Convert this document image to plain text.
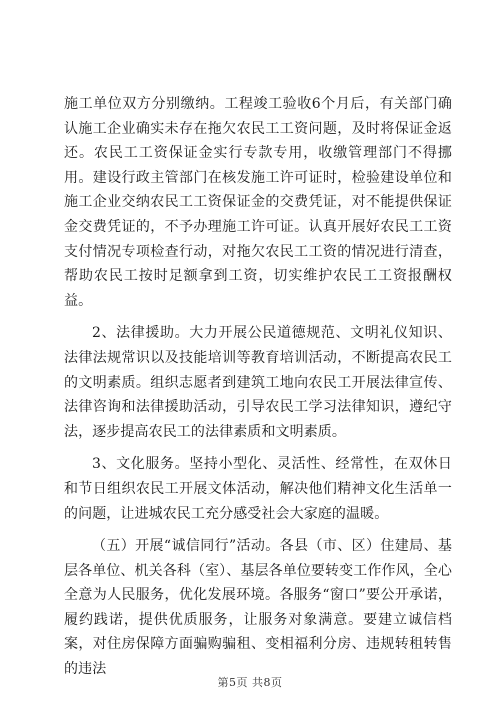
施工单位双方分别缴纳。工程竣工验收6个月后，有关部门确认施工企业确实未存在拖欠农民工工资问题，及时将保证金返还。农民工工资保证金实行专款专用，收缴管理部门不得挪用。建设行政主管部门在核发施工许可证时，检验建设单位和施工企业交纳农民工工资保证金的交费凭证，对不能提供保证金交费凭证的，不予办理施工许可证。认真开展好农民工工资支付情况专项检查行动，对拖欠农民工工资的情况进行清查，帮助农民工按时足额拿到工资，切实维护农民工工资报酬权益。

2、法律援助。大力开展公民道德规范、文明礼仪知识、法律法规常识以及技能培训等教育培训活动，不断提高农民工的文明素质。组织志愿者到建筑工地向农民工开展法律宣传、法律咨询和法律援助活动，引导农民工学习法律知识，遵纪守法，逐步提高农民工的法律素质和文明素质。

3、文化服务。坚持小型化、灵活性、经常性，在双休日和节日组织农民工开展文体活动，解决他们精神文化生活单一的问题，让进城农民工充分感受社会大家庭的温暖。

（五）开展“诚信同行”活动。各县（市、区）住建局、基层各单位、机关各科（室）、基层各单位要转变工作作风，全心全意为人民服务，优化发展环境。各服务“窗口”要公开承诺，履约践诺，提供优质服务，让服务对象满意。要建立诚信档案，对住房保障方面骗购骗租、变相福利分房、违规转租转售的违法

第5页 共8页
